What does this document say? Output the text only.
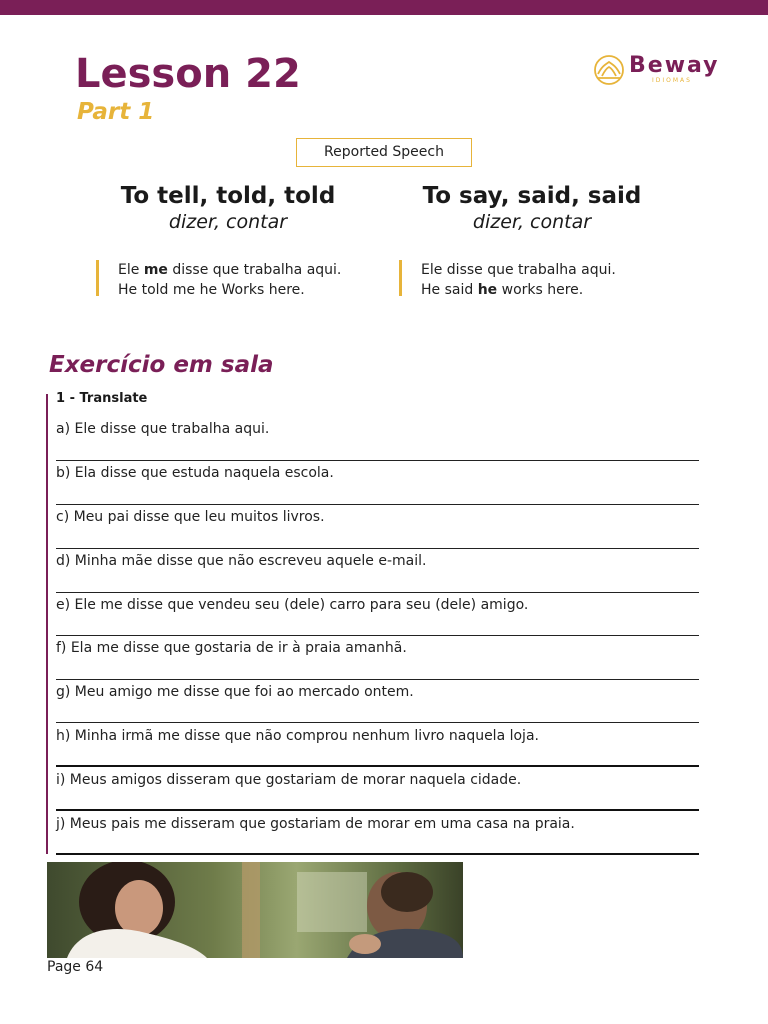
Lesson 22
Part 1
Beway
IDIOMAS
Reported Speech
To tell, told, told
dizer, contar
Ele me disse que trabalha aqui.
He told me he Works here.
To say, said, said
dizer, contar
Ele disse que trabalha aqui.
He said he works here.
Exercício em sala
1 - Translate
a) Ele disse que trabalha aqui.
b) Ela disse que estuda naquela escola.
c) Meu pai disse que leu muitos livros.
d) Minha mãe disse que não escreveu aquele e-mail.
e) Ele me disse que vendeu seu (dele) carro para seu (dele) amigo.
f) Ela me disse que gostaria de ir à praia amanhã.
g) Meu amigo me disse que foi ao mercado ontem.
h) Minha irmã me disse que não comprou nenhum livro naquela loja.
i) Meus amigos disseram que gostariam de morar naquela cidade.
j) Meus pais me disseram que gostariam de morar em uma casa na praia.
Page 64
